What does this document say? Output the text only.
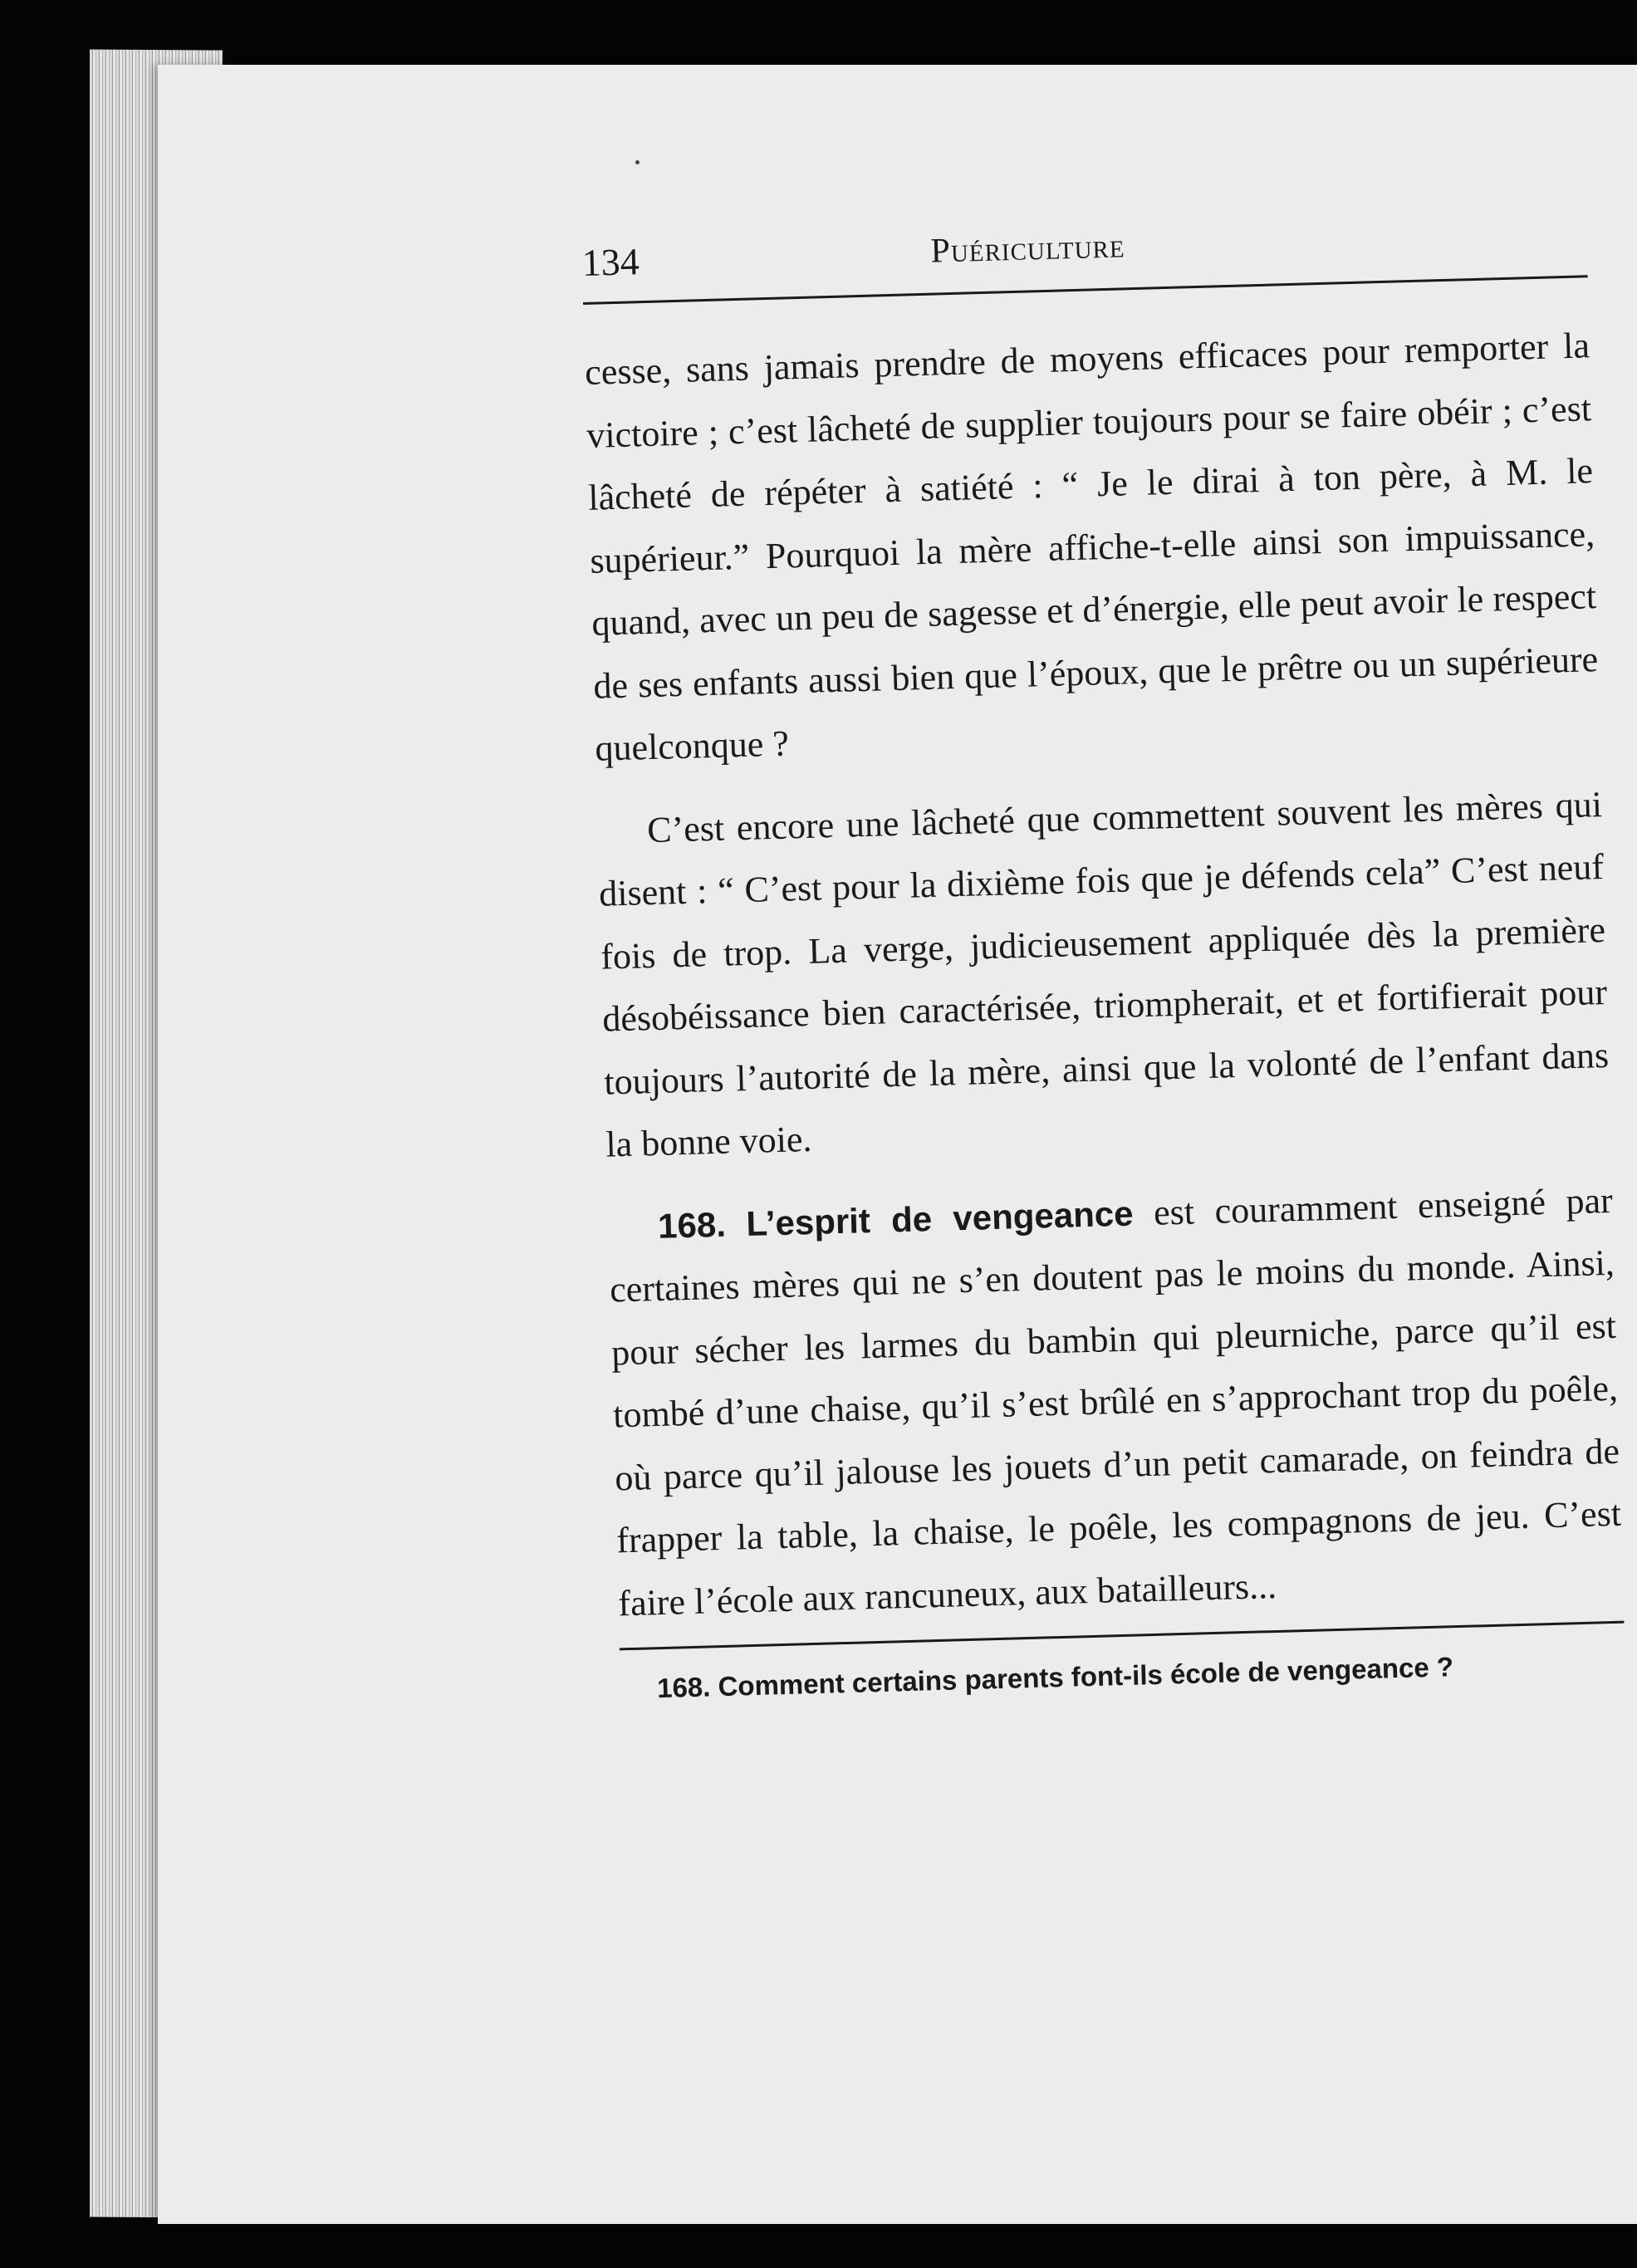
134	Puériculture

cesse, sans jamais prendre de moyens efficaces pour remporter la victoire ; c’est lâcheté de supplier toujours pour se faire obéir ; c’est lâcheté de répéter à satiété : “ Je le dirai à ton père, à M. le supérieur.” Pourquoi la mère affiche-t-elle ainsi son impuissance, quand, avec un peu de sagesse et d’énergie, elle peut avoir le respect de ses enfants aussi bien que l’époux, que le prêtre ou un supérieure quelconque ?

C’est encore une lâcheté que commettent souvent les mères qui disent : “ C’est pour la dixième fois que je défends cela” C’est neuf fois de trop. La verge, judicieusement appliquée dès la première désobéissance bien caractérisée, triompherait, et et fortifierait pour toujours l’autorité de la mère, ainsi que la volonté de l’enfant dans la bonne voie.

168. L’esprit de vengeance est couramment enseigné par certaines mères qui ne s’en doutent pas le moins du monde. Ainsi, pour sécher les larmes du bambin qui pleurniche, parce qu’il est tombé d’une chaise, qu’il s’est brûlé en s’approchant trop du poêle, où parce qu’il jalouse les jouets d’un petit camarade, on feindra de frapper la table, la chaise, le poêle, les compagnons de jeu. C’est faire l’école aux rancuneux, aux batailleurs...

168. Comment certains parents font-ils école de vengeance ?
